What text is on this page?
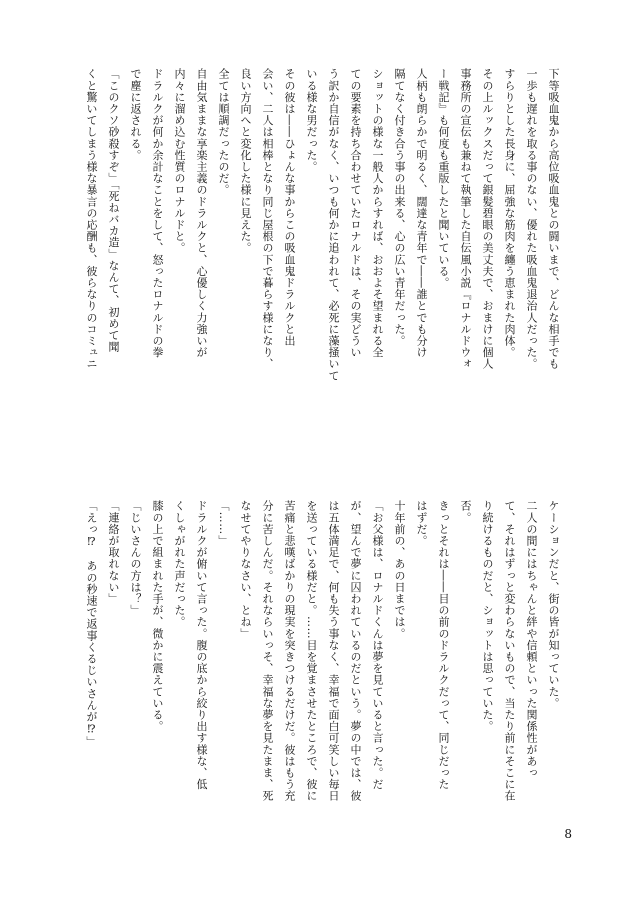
下等吸血鬼から高位吸血鬼との闘いまで、どんな相手でも
一歩も遅れを取る事のない、優れた吸血鬼退治人だった。
すらりとした長身に、屈強な筋肉を纏う恵まれた肉体。
その上ルックスだって銀髪碧眼の美丈夫で、おまけに個人
事務所の宣伝も兼ねて執筆した自伝風小説『ロナルドウォ
ー戦記』も何度も重版したと聞いている。
人柄も朗らかで明るく、闊達な青年で――誰とでも分け
隔てなく付き合う事の出来る、心の広い青年だった。
ショットの様な一般人からすれば、おおよそ望まれる全
ての要素を持ち合わせていたロナルドは、その実どうい
う訳か自信がなく、いつも何かに追われて、必死に藻掻いて
いる様な男だった。
その彼は――ひょんな事からこの吸血鬼ドラルクと出
会い、二人は相棒となり同じ屋根の下で暮らす様になり、
良い方向へと変化した様に見えた。
全ては順調だったのだ。
自由気ままな享楽主義のドラルクと、心優しく力強いが
内々に溜め込む性質のロナルドと。
ドラルクが何か余計なことをして、怒ったロナルドの拳
で塵に返される。
「このクソ砂殺すぞ」「死ねバカ造」なんて、初めて聞
くと驚いてしまう様な暴言の応酬も、彼らなりのコミュニ
ケーションだと、街の皆が知っていた。
二人の間にはちゃんと絆や信頼といった関係性があっ
て、それはずっと変わらないもので、当たり前にそこに在
り続けるものだと、ショットは思っていた。
否。
きっとそれは――目の前のドラルクだって、同じだった
はずだ。
十年前の、あの日までは。
「お父様は、ロナルドくんは夢を見ていると言った。だ
が、望んで夢に囚われているのだという。夢の中では、彼
は五体満足で、何も失う事なく、幸福で面白可笑しい毎日
を送っている様だと。……目を覚まさせたところで、彼に
苦痛と悲嘆ばかりの現実を突きつけるだけだ。彼はもう充
分に苦しんだ。それならいっそ、幸福な夢を見たまま、死
なせてやりなさい、とね」
「……」
ドラルクが俯いて言った。腹の底から絞り出す様な、低
くしゃがれた声だった。
膝の上で組まれた手が、微かに震えている。
「じいさんの方は？」
「連絡が取れない」
「えっ⁉　あの秒速で返事くるじいさんが⁉」
8
